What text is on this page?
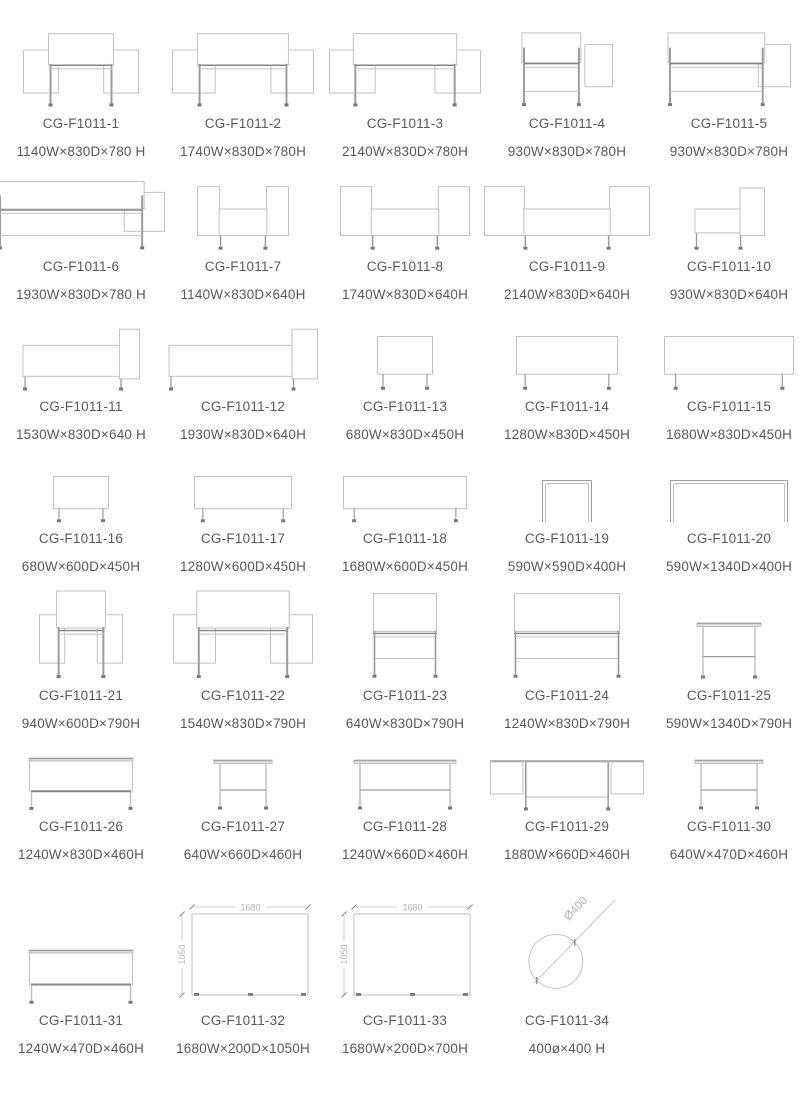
CG-F1011-1
1140W×830D×780 H
CG-F1011-2
1740W×830D×780H
CG-F1011-3
2140W×830D×780H
CG-F1011-4
930W×830D×780H
CG-F1011-5
930W×830D×780H
CG-F1011-6
1930W×830D×780 H
CG-F1011-7
1140W×830D×640H
CG-F1011-8
1740W×830D×640H
CG-F1011-9
2140W×830D×640H
CG-F1011-10
930W×830D×640H
CG-F1011-11
1530W×830D×640 H
CG-F1011-12
1930W×830D×640H
CG-F1011-13
680W×830D×450H
CG-F1011-14
1280W×830D×450H
CG-F1011-15
1680W×830D×450H
CG-F1011-16
680W×600D×450H
CG-F1011-17
1280W×600D×450H
CG-F1011-18
1680W×600D×450H
CG-F1011-19
590W×590D×400H
CG-F1011-20
590W×1340D×400H
CG-F1011-21
940W×600D×790H
CG-F1011-22
1540W×830D×790H
CG-F1011-23
640W×830D×790H
CG-F1011-24
1240W×830D×790H
CG-F1011-25
590W×1340D×790H
CG-F1011-26
1240W×830D×460H
CG-F1011-27
640W×660D×460H
CG-F1011-28
1240W×660D×460H
CG-F1011-29
1880W×660D×460H
CG-F1011-30
640W×470D×460H
CG-F1011-31
1240W×470D×460H
1680
1050
CG-F1011-32
1680W×200D×1050H
1680
1050
CG-F1011-33
1680W×200D×700H
Ø400
CG-F1011-34
400ø×400 H
